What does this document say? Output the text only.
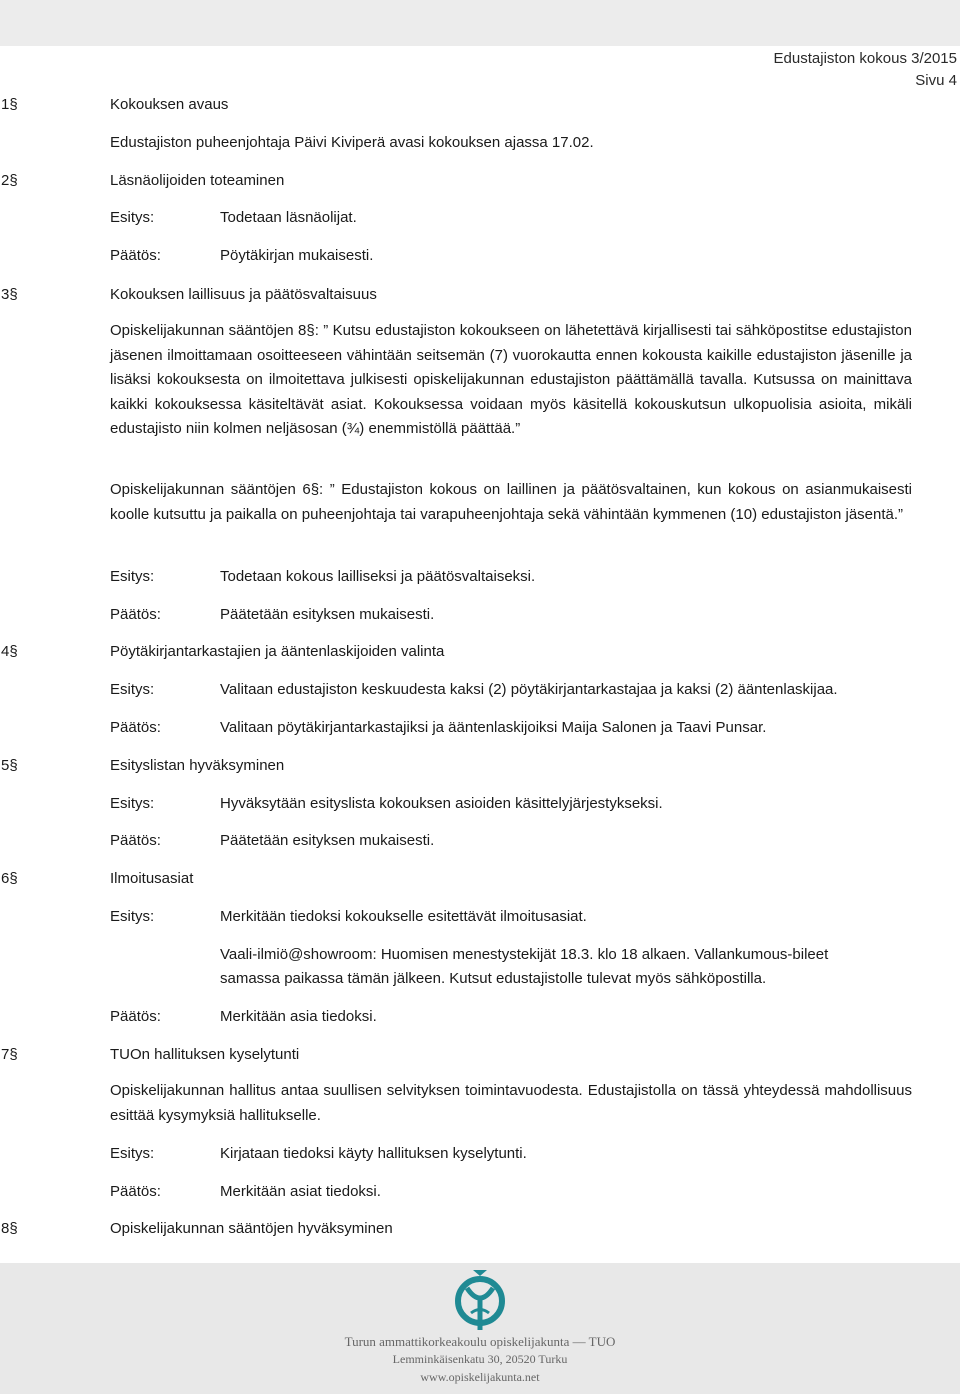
Edustajiston kokous 3/2015
Sivu 4
1§	Kokouksen avaus
Edustajiston puheenjohtaja Päivi Kiviperä avasi kokouksen ajassa 17.02.
2§	Läsnäolijoiden toteaminen
Esitys:	Todetaan läsnäolijat.
Päätös:	Pöytäkirjan mukaisesti.
3§	Kokouksen laillisuus ja päätösvaltaisuus
Opiskelijakunnan sääntöjen 8§: ” Kutsu edustajiston kokoukseen on lähetettävä kirjallisesti tai sähköpostitse edustajiston jäsenen ilmoittamaan osoitteeseen vähintään seitsemän (7) vuorokautta ennen kokousta kaikille edustajiston jäsenille ja lisäksi kokouksesta on ilmoitettava julkisesti opiskelijakunnan edustajiston päättämällä tavalla. Kutsussa on mainittava kaikki kokouksessa käsiteltävät asiat. Kokouksessa voidaan myös käsitellä kokouskutsun ulkopuolisia asioita, mikäli edustajisto niin kolmen neljäsosan (¾) enemmistöllä päättää.”
Opiskelijakunnan sääntöjen 6§: ” Edustajiston kokous on laillinen ja päätösvaltainen, kun kokous on asianmukaisesti koolle kutsuttu ja paikalla on puheenjohtaja tai varapuheenjohtaja sekä vähintään kymmenen (10) edustajiston jäsentä.”
Esitys:	Todetaan kokous lailliseksi ja päätösvaltaiseksi.
Päätös:	Päätetään esityksen mukaisesti.
4§	Pöytäkirjantarkastajien ja ääntenlaskijoiden valinta
Esitys:	Valitaan edustajiston keskuudesta kaksi (2) pöytäkirjantarkastajaa ja kaksi (2) ääntenlaskijaa.
Päätös:	Valitaan pöytäkirjantarkastajiksi ja ääntenlaskijoiksi Maija Salonen ja Taavi Punsar.
5§	Esityslistan hyväksyminen
Esitys:	Hyväksytään esityslista kokouksen asioiden käsittelyjärjestykseksi.
Päätös:	Päätetään esityksen mukaisesti.
6§	Ilmoitusasiat
Esitys:	Merkitään tiedoksi kokoukselle esitettävät ilmoitusasiat.
Vaali-ilmiö@showroom: Huomisen menestystekijät 18.3. klo 18 alkaen. Vallankumous-bileet
samassa paikassa tämän jälkeen. Kutsut edustajistolle tulevat myös sähköpostilla.
Päätös:	Merkitään asia tiedoksi.
7§	TUOn hallituksen kyselytunti
Opiskelijakunnan hallitus antaa suullisen selvityksen toimintavuodesta. Edustajistolla on tässä yhteydessä mahdollisuus esittää kysymyksiä hallitukselle.
Esitys:	Kirjataan tiedoksi käyty hallituksen kyselytunti.
Päätös:	Merkitään asiat tiedoksi.
8§	Opiskelijakunnan sääntöjen hyväksyminen
Turun ammattikorkeakoulu opiskelijakunta — TUO
Lemminkäisenkatu 30, 20520 Turku
www.opiskelijakunta.net
